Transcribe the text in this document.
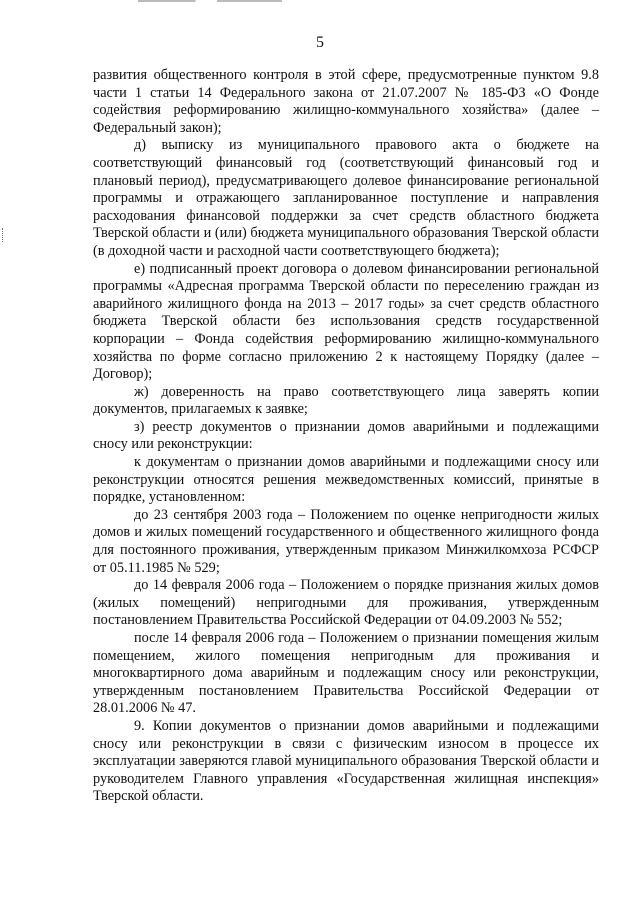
5

развития общественного контроля в этой сфере, предусмотренные пунктом 9.8 части 1 статьи 14 Федерального закона от 21.07.2007 № 185-ФЗ «О Фонде содействия реформированию жилищно-коммунального хозяйства» (далее – Федеральный закон);

д) выписку из муниципального правового акта о бюджете на соответствующий финансовый год (соответствующий финансовый год и плановый период), предусматривающего долевое финансирование региональной программы и отражающего запланированное поступление и направления расходования финансовой поддержки за счет средств областного бюджета Тверской области и (или) бюджета муниципального образования Тверской области (в доходной части и расходной части соответствующего бюджета);

е) подписанный проект договора о долевом финансировании региональной программы «Адресная программа Тверской области по переселению граждан из аварийного жилищного фонда на 2013 – 2017 годы» за счет средств областного бюджета Тверской области без использования средств государственной корпорации – Фонда содействия реформированию жилищно-коммунального хозяйства по форме согласно приложению 2 к настоящему Порядку (далее – Договор);

ж) доверенность на право соответствующего лица заверять копии документов, прилагаемых к заявке;

з) реестр документов о признании домов аварийными и подлежащими сносу или реконструкции:

к документам о признании домов аварийными и подлежащими сносу или реконструкции относятся решения межведомственных комиссий, принятые в порядке, установленном:

до 23 сентября 2003 года – Положением по оценке непригодности жилых домов и жилых помещений государственного и общественного жилищного фонда для постоянного проживания, утвержденным приказом Минжилкомхоза РСФСР от 05.11.1985 № 529;

до 14 февраля 2006 года – Положением о порядке признания жилых домов (жилых помещений) непригодными для проживания, утвержденным постановлением Правительства Российской Федерации от 04.09.2003 № 552;

после 14 февраля 2006 года – Положением о признании помещения жилым помещением, жилого помещения непригодным для проживания и многоквартирного дома аварийным и подлежащим сносу или реконструкции, утвержденным постановлением Правительства Российской Федерации от 28.01.2006 № 47.

9. Копии документов о признании домов аварийными и подлежащими сносу или реконструкции в связи с физическим износом в процессе их эксплуатации заверяются главой муниципального образования Тверской области и руководителем Главного управления «Государственная жилищная инспекция» Тверской области.
